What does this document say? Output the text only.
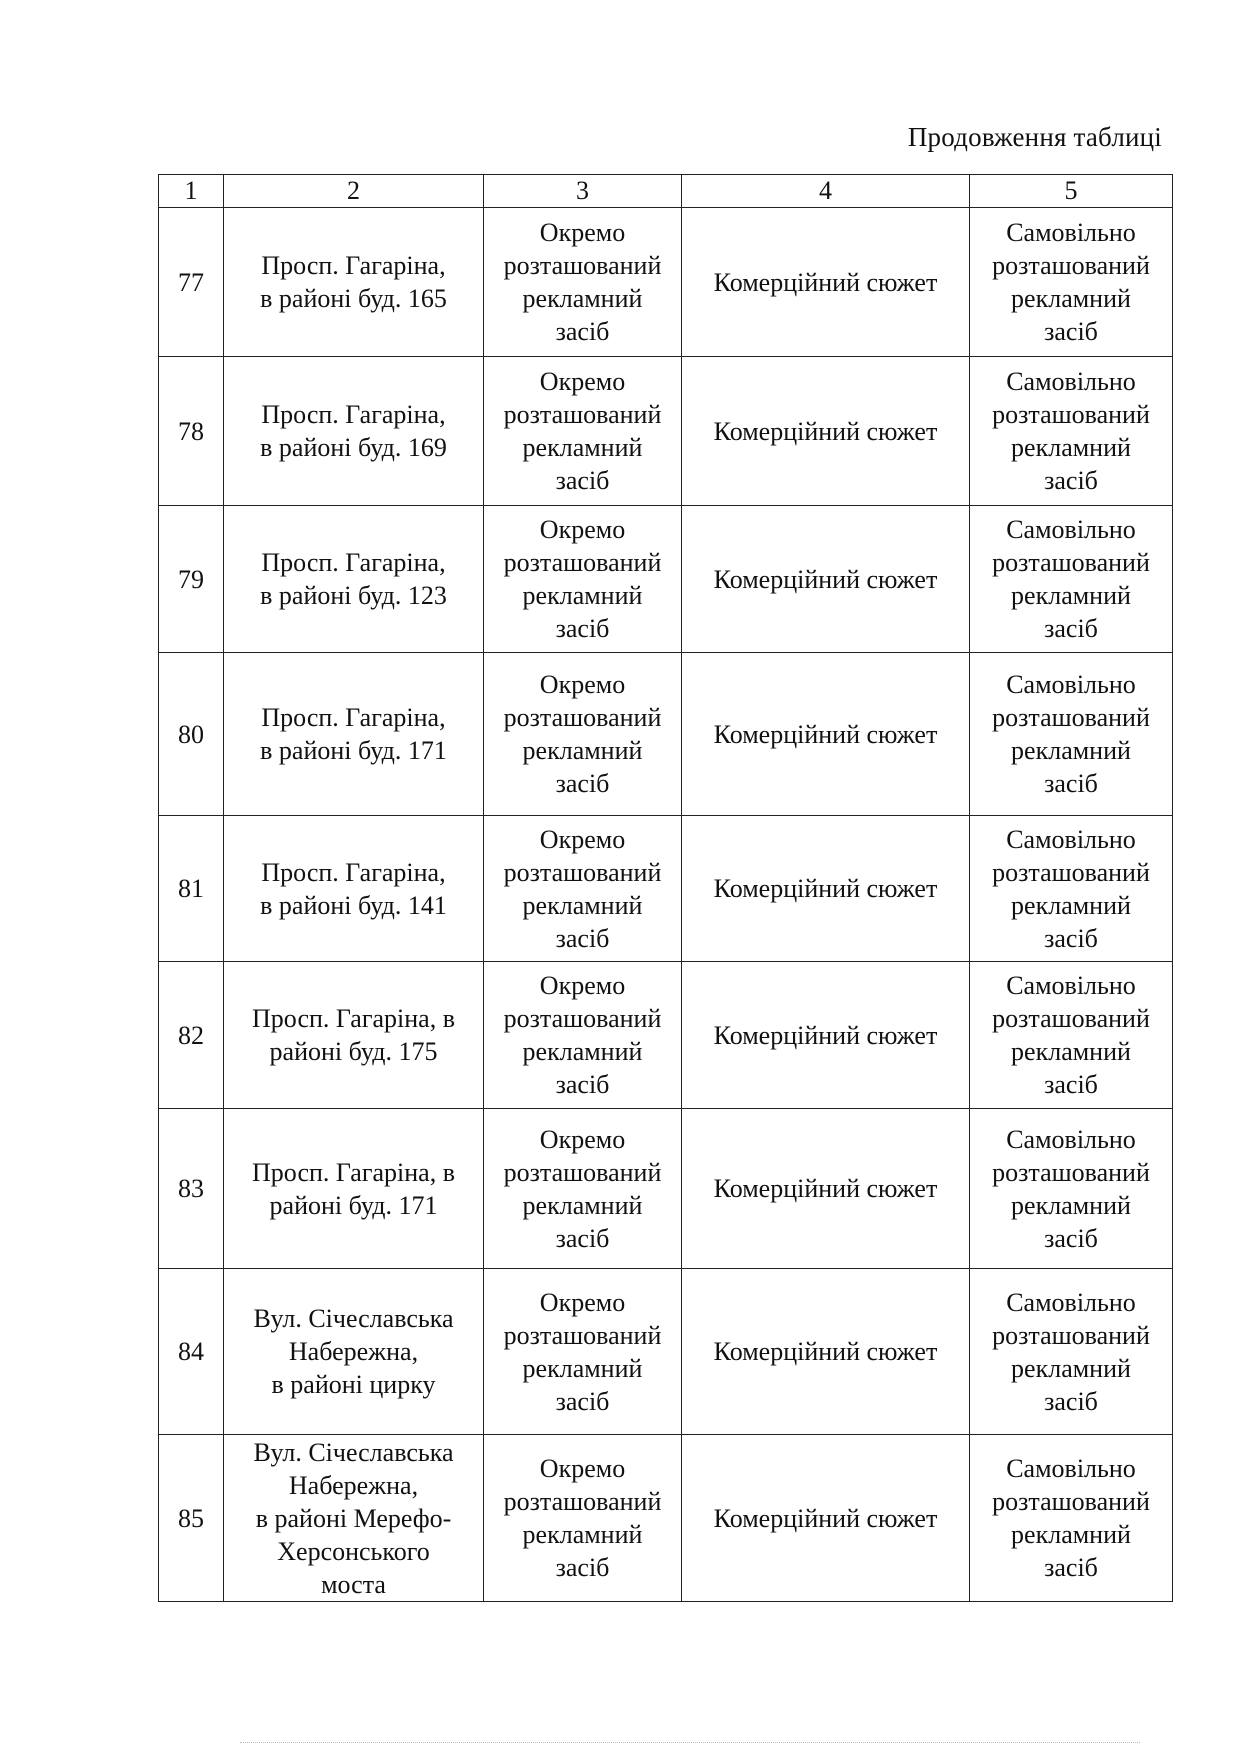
Продовження таблиці
1	2	3	4	5
77	Просп. Гагаріна,
в районі буд. 165	Окремо
розташований
рекламний
засіб	Комерційний сюжет	Самовільно
розташований
рекламний
засіб

78	Просп. Гагаріна,
в районі буд. 169	Окремо
розташований
рекламний
засіб	Комерційний сюжет	Самовільно
розташований
рекламний
засіб

79	Просп. Гагаріна,
в районі буд. 123	Окремо
розташований
рекламний
засіб	Комерційний сюжет	Самовільно
розташований
рекламний
засіб

80	Просп. Гагаріна,
в районі буд. 171	Окремо
розташований
рекламний
засіб	Комерційний сюжет	Самовільно
розташований
рекламний
засіб

81	Просп. Гагаріна,
в районі буд. 141	Окремо
розташований
рекламний
засіб	Комерційний сюжет	Самовільно
розташований
рекламний
засіб

82	Просп. Гагаріна, в
районі буд. 175	Окремо
розташований
рекламний
засіб	Комерційний сюжет	Самовільно
розташований
рекламний
засіб

83	Просп. Гагаріна, в
районі буд. 171	Окремо
розташований
рекламний
засіб	Комерційний сюжет	Самовільно
розташований
рекламний
засіб

84	Вул. Січеславська
Набережна,
в районі цирку	Окремо
розташований
рекламний
засіб	Комерційний сюжет	Самовільно
розташований
рекламний
засіб

85	Вул. Січеславська
Набережна,
в районі Мерефо-
Херсонського
моста	Окремо
розташований
рекламний
засіб	Комерційний сюжет	Самовільно
розташований
рекламний
засіб
